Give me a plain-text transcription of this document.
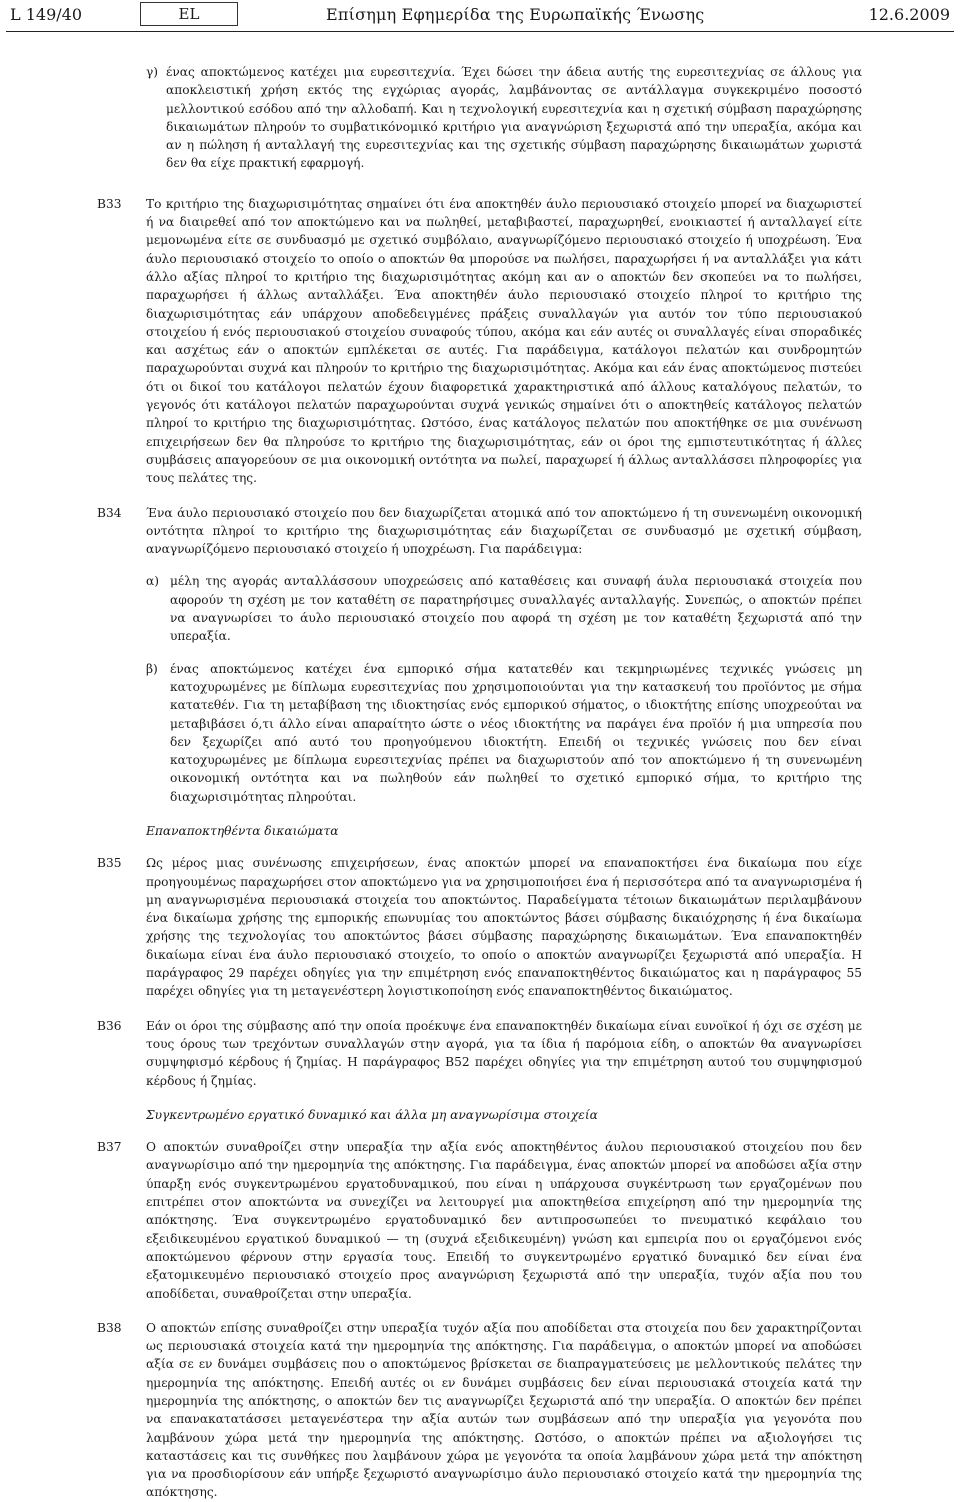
L 149/40	EL	Επίσημη Εφημερίδα της Ευρωπαϊκής Ένωσης	12.6.2009
γ) ένας αποκτώμενος κατέχει μια ευρεσιτεχνία. Έχει δώσει την άδεια αυτής της ευρεσιτεχνίας σε άλλους για αποκλειστική χρήση εκτός της εγχώριας αγοράς, λαμβάνοντας σε αντάλλαγμα συγκεκριμένο ποσοστό μελλοντικού εσόδου από την αλλοδαπή. Και η τεχνολογική ευρεσιτεχνία και η σχετική σύμβαση παραχώρησης δικαιωμάτων πληρούν το συμβατικόνομικό κριτήριο για αναγνώριση ξεχωριστά από την υπεραξία, ακόμα και αν η πώληση ή ανταλλαγή της ευρεσιτεχνίας και της σχετικής σύμβαση παραχώρησης δικαιωμάτων χωριστά δεν θα είχε πρακτική εφαρμογή.
B33	Το κριτήριο της διαχωρισιμότητας σημαίνει ότι ένα αποκτηθέν άυλο περιουσιακό στοιχείο μπορεί να διαχωριστεί ή να διαιρεθεί από τον αποκτώμενο και να πωληθεί, μεταβιβαστεί, παραχωρηθεί, ενοικιαστεί ή ανταλλαγεί είτε μεμονωμένα είτε σε συνδυασμό με σχετικό συμβόλαιο, αναγνωρίζόμενο περιουσιακό στοιχείο ή υποχρέωση. Ένα άυλο περιουσιακό στοιχείο το οποίο ο αποκτών θα μπορούσε να πωλήσει, παραχωρήσει ή να ανταλλάξει για κάτι άλλο αξίας πληροί το κριτήριο της διαχωρισιμότητας ακόμη και αν ο αποκτών δεν σκοπεύει να το πωλήσει, παραχωρήσει ή άλλως ανταλλάξει. Ένα αποκτηθέν άυλο περιουσιακό στοιχείο πληροί το κριτήριο της διαχωρισιμότητας εάν υπάρχουν αποδεδειγμένες πράξεις συναλλαγών για αυτόν τον τύπο περιουσιακού στοιχείου ή ενός περιουσιακού στοιχείου συναφούς τύπου, ακόμα και εάν αυτές οι συναλλαγές είναι σποραδικές και ασχέτως εάν ο αποκτών εμπλέκεται σε αυτές. Για παράδειγμα, κατάλογοι πελατών και συνδρομητών παραχωρούνται συχνά και πληρούν το κριτήριο της διαχωρισιμότητας. Ακόμα και εάν ένας αποκτώμενος πιστεύει ότι οι δικοί του κατάλογοι πελατών έχουν διαφορετικά χαρακτηριστικά από άλλους καταλόγους πελατών, το γεγονός ότι κατάλογοι πελατών παραχωρούνται συχνά γενικώς σημαίνει ότι ο αποκτηθείς κατάλογος πελατών πληροί το κριτήριο της διαχωρισιμότητας. Ωστόσο, ένας κατάλογος πελατών που αποκτήθηκε σε μια συνένωση επιχειρήσεων δεν θα πληρούσε το κριτήριο της διαχωρισιμότητας, εάν οι όροι της εμπιστευτικότητας ή άλλες συμβάσεις απαγορεύουν σε μια οικονομική οντότητα να πωλεί, παραχωρεί ή άλλως ανταλλάσσει πληροφορίες για τους πελάτες της.

B34	Ένα άυλο περιουσιακό στοιχείο που δεν διαχωρίζεται ατομικά από τον αποκτώμενο ή τη συνενωμένη οικονομική οντότητα πληροί το κριτήριο της διαχωρισιμότητας εάν διαχωρίζεται σε συνδυασμό με σχετική σύμβαση, αναγνωρίζόμενο περιουσιακό στοιχείο ή υποχρέωση. Για παράδειγμα:

α) μέλη της αγοράς ανταλλάσσουν υποχρεώσεις από καταθέσεις και συναφή άυλα περιουσιακά στοιχεία που αφορούν τη σχέση με τον καταθέτη σε παρατηρήσιμες συναλλαγές ανταλλαγής. Συνεπώς, ο αποκτών πρέπει να αναγνωρίσει το άυλο περιουσιακό στοιχείο που αφορά τη σχέση με τον καταθέτη ξεχωριστά από την υπεραξία.
β) ένας αποκτώμενος κατέχει ένα εμπορικό σήμα κατατεθέν και τεκμηριωμένες τεχνικές γνώσεις μη κατοχυρωμένες με δίπλωμα ευρεσιτεχνίας που χρησιμοποιούνται για την κατασκευή του προϊόντος με σήμα κατατεθέν. Για τη μεταβίβαση της ιδιοκτησίας ενός εμπορικού σήματος, ο ιδιοκτήτης επίσης υποχρεούται να μεταβιβάσει ό,τι άλλο είναι απαραίτητο ώστε ο νέος ιδιοκτήτης να παράγει ένα προϊόν ή μια υπηρεσία που δεν ξεχωρίζει από αυτό του προηγούμενου ιδιοκτήτη. Επειδή οι τεχνικές γνώσεις που δεν είναι κατοχυρωμένες με δίπλωμα ευρεσιτεχνίας πρέπει να διαχωριστούν από τον αποκτώμενο ή τη συνενωμένη οικονομική οντότητα και να πωληθούν εάν πωληθεί το σχετικό εμπορικό σήμα, το κριτήριο της διαχωρισιμότητας πληρούται.
Επαναποκτηθέντα δικαιώματα
B35	Ως μέρος μιας συνένωσης επιχειρήσεων, ένας αποκτών μπορεί να επαναποκτήσει ένα δικαίωμα που είχε προηγουμένως παραχωρήσει στον αποκτώμενο για να χρησιμοποιήσει ένα ή περισσότερα από τα αναγνωρισμένα ή μη αναγνωρισμένα περιουσιακά στοιχεία του αποκτώντος. Παραδείγματα τέτοιων δικαιωμάτων περιλαμβάνουν ένα δικαίωμα χρήσης της εμπορικής επωνυμίας του αποκτώντος βάσει σύμβασης δικαιόχρησης ή ένα δικαίωμα χρήσης της τεχνολογίας του αποκτώντος βάσει σύμβασης παραχώρησης δικαιωμάτων. Ένα επαναποκτηθέν δικαίωμα είναι ένα άυλο περιουσιακό στοιχείο, το οποίο ο αποκτών αναγνωρίζει ξεχωριστά από υπεραξία. Η παράγραφος 29 παρέχει οδηγίες για την επιμέτρηση ενός επαναποκτηθέντος δικαιώματος και η παράγραφος 55 παρέχει οδηγίες για τη μεταγενέστερη λογιστικοποίηση ενός επαναποκτηθέντος δικαιώματος.

B36	Εάν οι όροι της σύμβασης από την οποία προέκυψε ένα επαναποκτηθέν δικαίωμα είναι ευνοϊκοί ή όχι σε σχέση με τους όρους των τρεχόντων συναλλαγών στην αγορά, για τα ίδια ή παρόμοια είδη, ο αποκτών θα αναγνωρίσει συμψηφισμό κέρδους ή ζημίας. Η παράγραφος B52 παρέχει οδηγίες για την επιμέτρηση αυτού του συμψηφισμού κέρδους ή ζημίας.

Συγκεντρωμένο εργατικό δυναμικό και άλλα μη αναγνωρίσιμα στοιχεία
B37	Ο αποκτών συναθροίζει στην υπεραξία την αξία ενός αποκτηθέντος άυλου περιουσιακού στοιχείου που δεν αναγνωρίσιμο από την ημερομηνία της απόκτησης. Για παράδειγμα, ένας αποκτών μπορεί να αποδώσει αξία στην ύπαρξη ενός συγκεντρωμένου εργατοδυναμικού, που είναι η υπάρχουσα συγκέντρωση των εργαζομένων που επιτρέπει στον αποκτώντα να συνεχίζει να λειτουργεί μια αποκτηθείσα επιχείρηση από την ημερομηνία της απόκτησης. Ένα συγκεντρωμένο εργατοδυναμικό δεν αντιπροσωπεύει το πνευματικό κεφάλαιο του εξειδικευμένου εργατικού δυναμικού — τη (συχνά εξειδικευμένη) γνώση και εμπειρία που οι εργαζόμενοι ενός αποκτώμενου φέρνουν στην εργασία τους. Επειδή το συγκεντρωμένο εργατικό δυναμικό δεν είναι ένα εξατομικευμένο περιουσιακό στοιχείο προς αναγνώριση ξεχωριστά από την υπεραξία, τυχόν αξία που του αποδίδεται, συναθροίζεται στην υπεραξία.

B38	Ο αποκτών επίσης συναθροίζει στην υπεραξία τυχόν αξία που αποδίδεται στα στοιχεία που δεν χαρακτηρίζονται ως περιουσιακά στοιχεία κατά την ημερομηνία της απόκτησης. Για παράδειγμα, ο αποκτών μπορεί να αποδώσει αξία σε εν δυνάμει συμβάσεις που ο αποκτώμενος βρίσκεται σε διαπραγματεύσεις με μελλοντικούς πελάτες την ημερομηνία της απόκτησης. Επειδή αυτές οι εν δυνάμει συμβάσεις δεν είναι περιουσιακά στοιχεία κατά την ημερομηνία της απόκτησης, ο αποκτών δεν τις αναγνωρίζει ξεχωριστά από την υπεραξία. Ο αποκτών δεν πρέπει να επανακατατάσσει μεταγενέστερα την αξία αυτών των συμβάσεων από την υπεραξία για γεγονότα που λαμβάνουν χώρα μετά την ημερομηνία της απόκτησης. Ωστόσο, ο αποκτών πρέπει να αξιολογήσει τις καταστάσεις και τις συνθήκες που λαμβάνουν χώρα με γεγονότα τα οποία λαμβάνουν χώρα μετά την απόκτηση για να προσδιορίσουν εάν υπήρξε ξεχωριστό αναγνωρίσιμο άυλο περιουσιακό στοιχείο κατά την ημερομηνία της απόκτησης.
